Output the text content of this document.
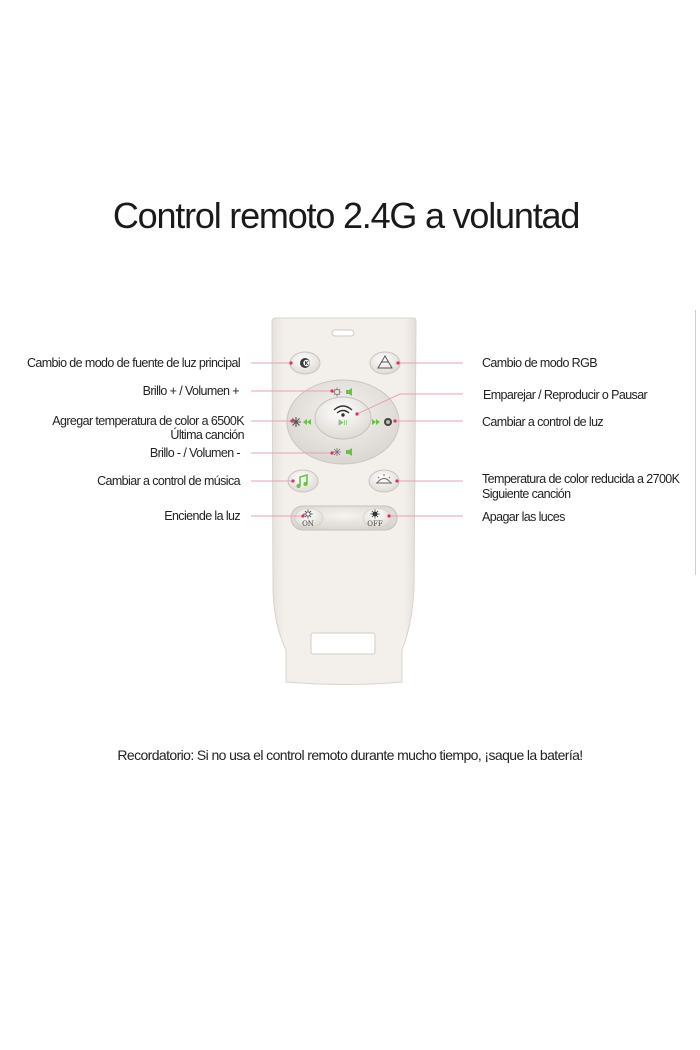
Control remoto 2.4G a voluntad
K
ON	OFF
Cambio de modo de fuente de luz principal
Brillo + / Volumen +
Agregar temperatura de color a 6500K
Última canción
Brillo - / Volumen -
Cambiar a control de música
Enciende la luz
Cambio de modo RGB
Emparejar / Reproducir o Pausar
Cambiar a control de luz
Temperatura de color reducida a 2700K
Siguiente canción
Apagar las luces
Recordatorio: Si no usa el control remoto durante mucho tiempo, ¡saque la batería!
